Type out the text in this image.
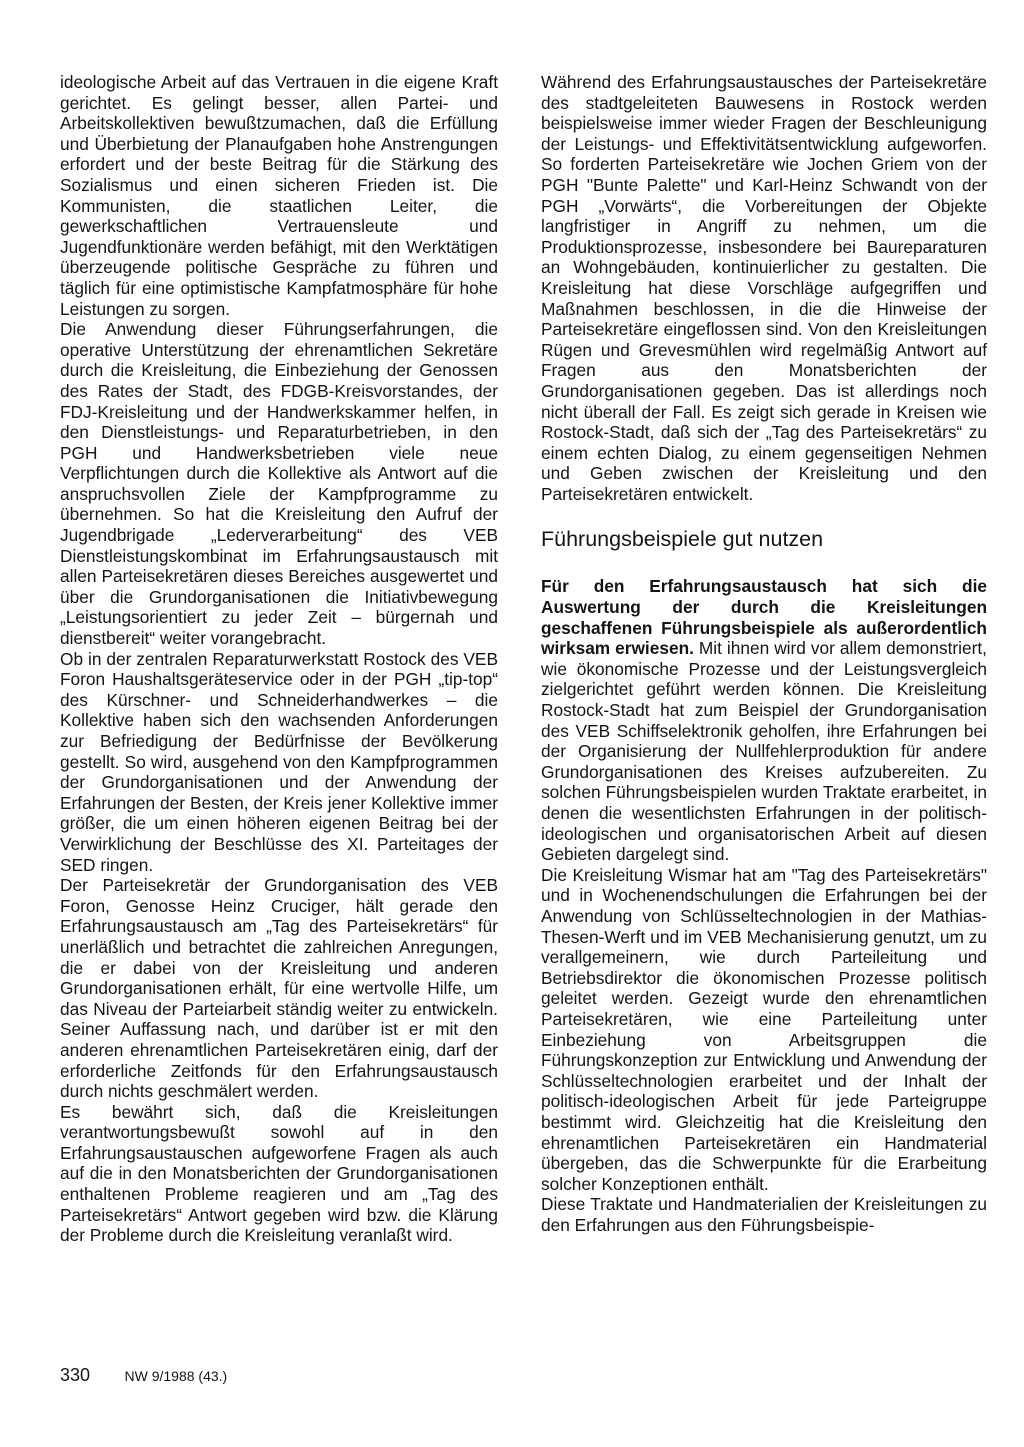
ideologische Arbeit auf das Vertrauen in die eigene Kraft gerichtet. Es gelingt besser, allen Partei- und Arbeitskollektiven bewußtzumachen, daß die Erfüllung und Überbietung der Planaufgaben hohe Anstrengungen erfordert und der beste Beitrag für die Stärkung des Sozialismus und einen sicheren Frieden ist. Die Kommunisten, die staatlichen Leiter, die gewerkschaftlichen Vertrauensleute und Jugendfunktionäre werden befähigt, mit den Werktätigen überzeugende politische Gespräche zu führen und täglich für eine optimistische Kampfatmosphäre für hohe Leistungen zu sorgen.

Die Anwendung dieser Führungserfahrungen, die operative Unterstützung der ehrenamtlichen Sekretäre durch die Kreisleitung, die Einbeziehung der Genossen des Rates der Stadt, des FDGB-Kreisvorstandes, der FDJ-Kreisleitung und der Handwerkskammer helfen, in den Dienstleistungs- und Reparaturbetrieben, in den PGH und Handwerksbetrieben viele neue Verpflichtungen durch die Kollektive als Antwort auf die anspruchsvollen Ziele der Kampfprogramme zu übernehmen. So hat die Kreisleitung den Aufruf der Jugendbrigade „Lederverarbeitung“ des VEB Dienstleistungskombinat im Erfahrungsaustausch mit allen Parteisekretären dieses Bereiches ausgewertet und über die Grundorganisationen die Initiativbewegung „Leistungsorientiert zu jeder Zeit – bürgernah und dienstbereit“ weiter vorangebracht.

Ob in der zentralen Reparaturwerkstatt Rostock des VEB Foron Haushaltsgeräteservice oder in der PGH „tip-top“ des Kürschner- und Schneiderhandwerkes – die Kollektive haben sich den wachsenden Anforderungen zur Befriedigung der Bedürfnisse der Bevölkerung gestellt. So wird, ausgehend von den Kampfprogrammen der Grundorganisationen und der Anwendung der Erfahrungen der Besten, der Kreis jener Kollektive immer größer, die um einen höheren eigenen Beitrag bei der Verwirklichung der Beschlüsse des XI. Parteitages der SED ringen.

Der Parteisekretär der Grundorganisation des VEB Foron, Genosse Heinz Cruciger, hält gerade den Erfahrungsaustausch am „Tag des Parteisekretärs“ für unerläßlich und betrachtet die zahlreichen Anregungen, die er dabei von der Kreisleitung und anderen Grundorganisationen erhält, für eine wertvolle Hilfe, um das Niveau der Parteiarbeit ständig weiter zu entwickeln. Seiner Auffassung nach, und darüber ist er mit den anderen ehrenamtlichen Parteisekretären einig, darf der erforderliche Zeitfonds für den Erfahrungsaustausch durch nichts geschmälert werden.

Es bewährt sich, daß die Kreisleitungen verantwortungsbewußt sowohl auf in den Erfahrungsaustauschen aufgeworfene Fragen als auch auf die in den Monatsberichten der Grundorganisationen enthaltenen Probleme reagieren und am „Tag des Parteisekretärs“ Antwort gegeben wird bzw. die Klärung der Probleme durch die Kreisleitung veranlaßt wird.

Während des Erfahrungsaustausches der Parteisekretäre des stadtgeleiteten Bauwesens in Rostock werden beispielsweise immer wieder Fragen der Beschleunigung der Leistungs- und Effektivitätsentwicklung aufgeworfen. So forderten Parteisekretäre wie Jochen Griem von der PGH "Bunte Palette" und Karl-Heinz Schwandt von der PGH „Vorwärts“, die Vorbereitungen der Objekte langfristiger in Angriff zu nehmen, um die Produktionsprozesse, insbesondere bei Baureparaturen an Wohngebäuden, kontinuierlicher zu gestalten. Die Kreisleitung hat diese Vorschläge aufgegriffen und Maßnahmen beschlossen, in die die Hinweise der Parteisekretäre eingeflossen sind. Von den Kreisleitungen Rügen und Grevesmühlen wird regelmäßig Antwort auf Fragen aus den Monatsberichten der Grundorganisationen gegeben. Das ist allerdings noch nicht überall der Fall. Es zeigt sich gerade in Kreisen wie Rostock-Stadt, daß sich der „Tag des Parteisekretärs“ zu einem echten Dialog, zu einem gegenseitigen Nehmen und Geben zwischen der Kreisleitung und den Parteisekretären entwickelt.

Führungsbeispiele gut nutzen

Für den Erfahrungsaustausch hat sich die Auswertung der durch die Kreisleitungen geschaffenen Führungsbeispiele als außerordentlich wirksam erwiesen. Mit ihnen wird vor allem demonstriert, wie ökonomische Prozesse und der Leistungsvergleich zielgerichtet geführt werden können. Die Kreisleitung Rostock-Stadt hat zum Beispiel der Grundorganisation des VEB Schiffselektronik geholfen, ihre Erfahrungen bei der Organisierung der Nullfehlerproduktion für andere Grundorganisationen des Kreises aufzubereiten. Zu solchen Führungsbeispielen wurden Traktate erarbeitet, in denen die wesentlichsten Erfahrungen in der politisch-ideologischen und organisatorischen Arbeit auf diesen Gebieten dargelegt sind.

Die Kreisleitung Wismar hat am "Tag des Parteisekretärs" und in Wochenendschulungen die Erfahrungen bei der Anwendung von Schlüsseltechnologien in der Mathias-Thesen-Werft und im VEB Mechanisierung genutzt, um zu verallgemeinern, wie durch Parteileitung und Betriebsdirektor die ökonomischen Prozesse politisch geleitet werden. Gezeigt wurde den ehrenamtlichen Parteisekretären, wie eine Parteileitung unter Einbeziehung von Arbeitsgruppen die Führungskonzeption zur Entwicklung und Anwendung der Schlüsseltechnologien erarbeitet und der Inhalt der politisch-ideologischen Arbeit für jede Parteigruppe bestimmt wird. Gleichzeitig hat die Kreisleitung den ehrenamtlichen Parteisekretären ein Handmaterial übergeben, das die Schwerpunkte für die Erarbeitung solcher Konzeptionen enthält.

Diese Traktate und Handmaterialien der Kreisleitungen zu den Erfahrungen aus den Führungsbeispie-

330 NW 9/1988 (43.)
